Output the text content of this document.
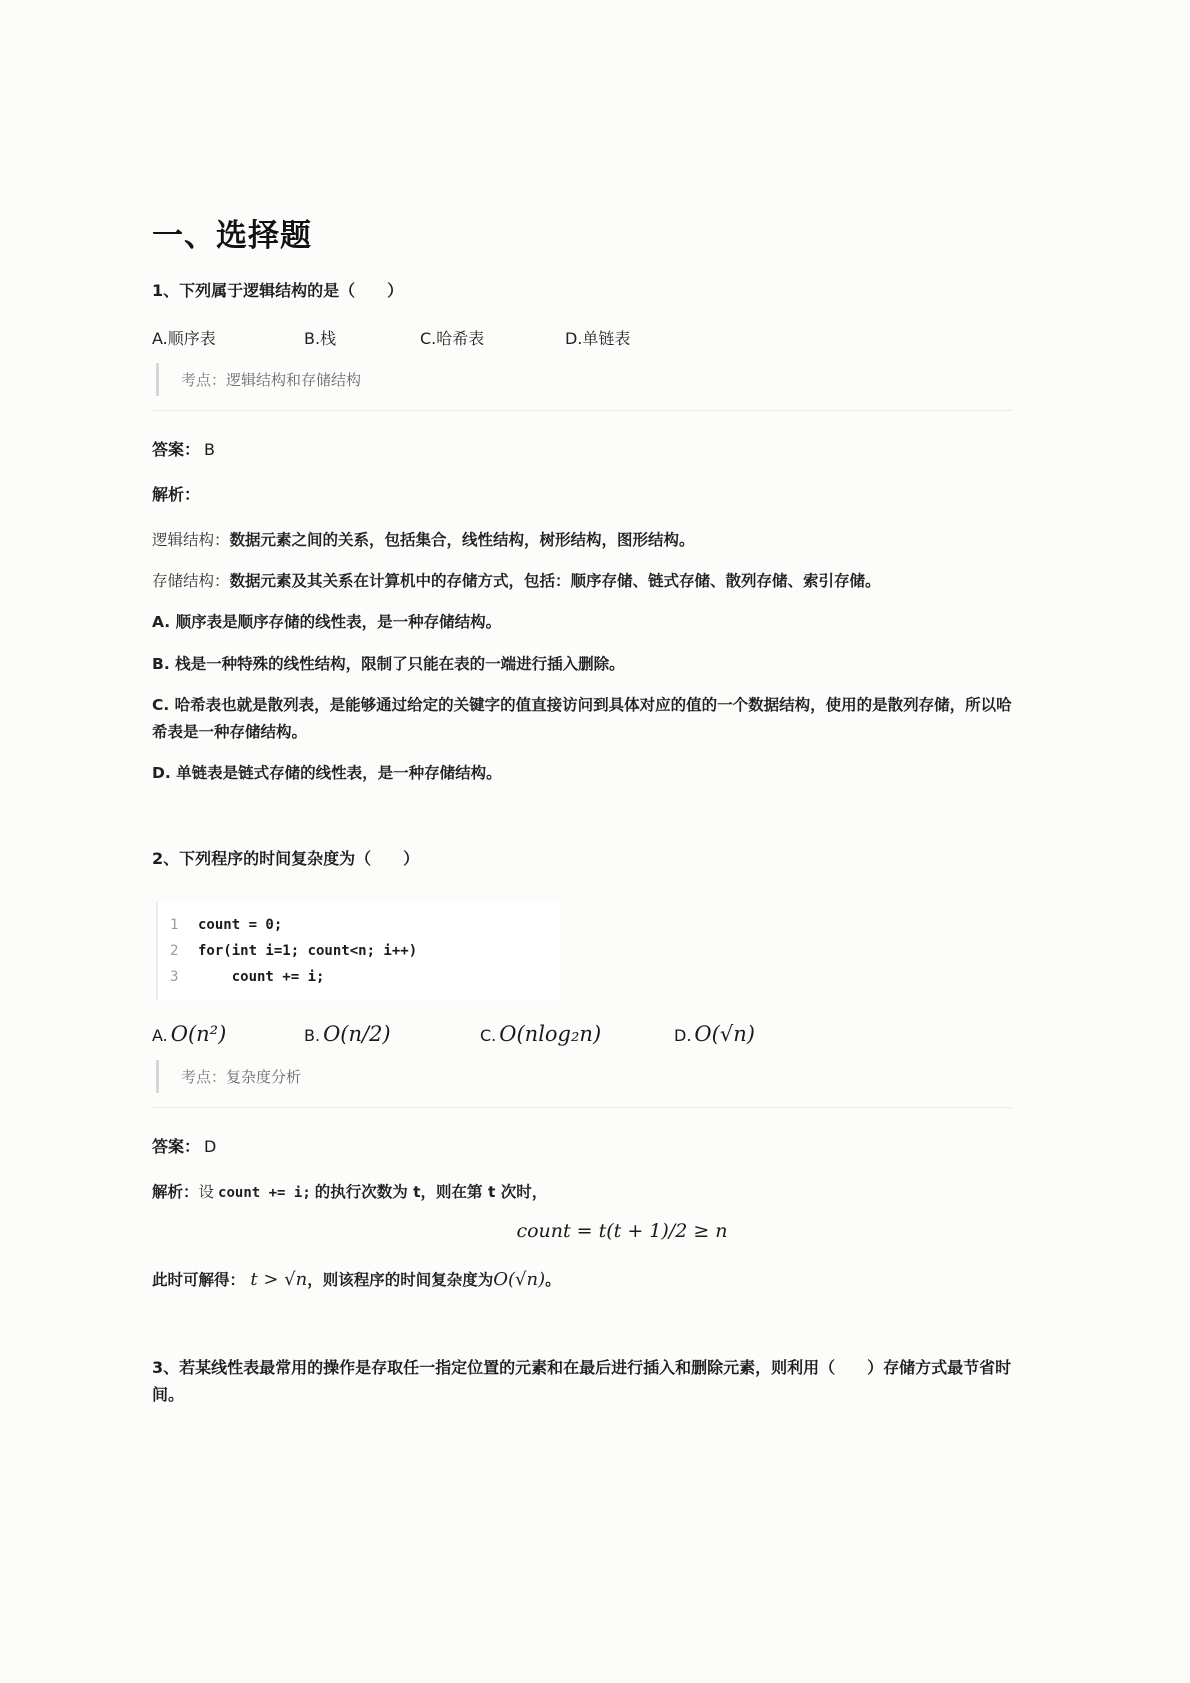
一、选择题

1、下列属于逻辑结构的是（　　）

A.顺序表	B.栈	C.哈希表	D.单链表
考点：逻辑结构和存储结构
答案： B
解析：

逻辑结构：数据元素之间的关系，包括集合，线性结构，树形结构，图形结构。

存储结构：数据元素及其关系在计算机中的存储方式，包括：顺序存储、链式存储、散列存储、索引存储。

A. 顺序表是顺序存储的线性表，是一种存储结构。

B. 栈是一种特殊的线性结构，限制了只能在表的一端进行插入删除。

C. 哈希表也就是散列表，是能够通过给定的关键字的值直接访问到具体对应的值的一个数据结构，使用的是散列存储，所以哈希表是一种存储结构。

D. 单链表是链式存储的线性表，是一种存储结构。

2、下列程序的时间复杂度为（　　）

1	count = 0;
2	for(int i=1; count<n; i++)
3	count += i;
A. O(n²)	B. O(n/2)	C. O(nlog₂n)	D. O(√n)
考点：复杂度分析
答案： D

解析：设 count += i; 的执行次数为 t，则在第 t 次时，

count = t(t + 1)/2 ≥ n

此时可解得： t > √n，则该程序的时间复杂度为O(√n)。

3、若某线性表最常用的操作是存取任一指定位置的元素和在最后进行插入和删除元素，则利用（　　）存储方式最节省时间。
